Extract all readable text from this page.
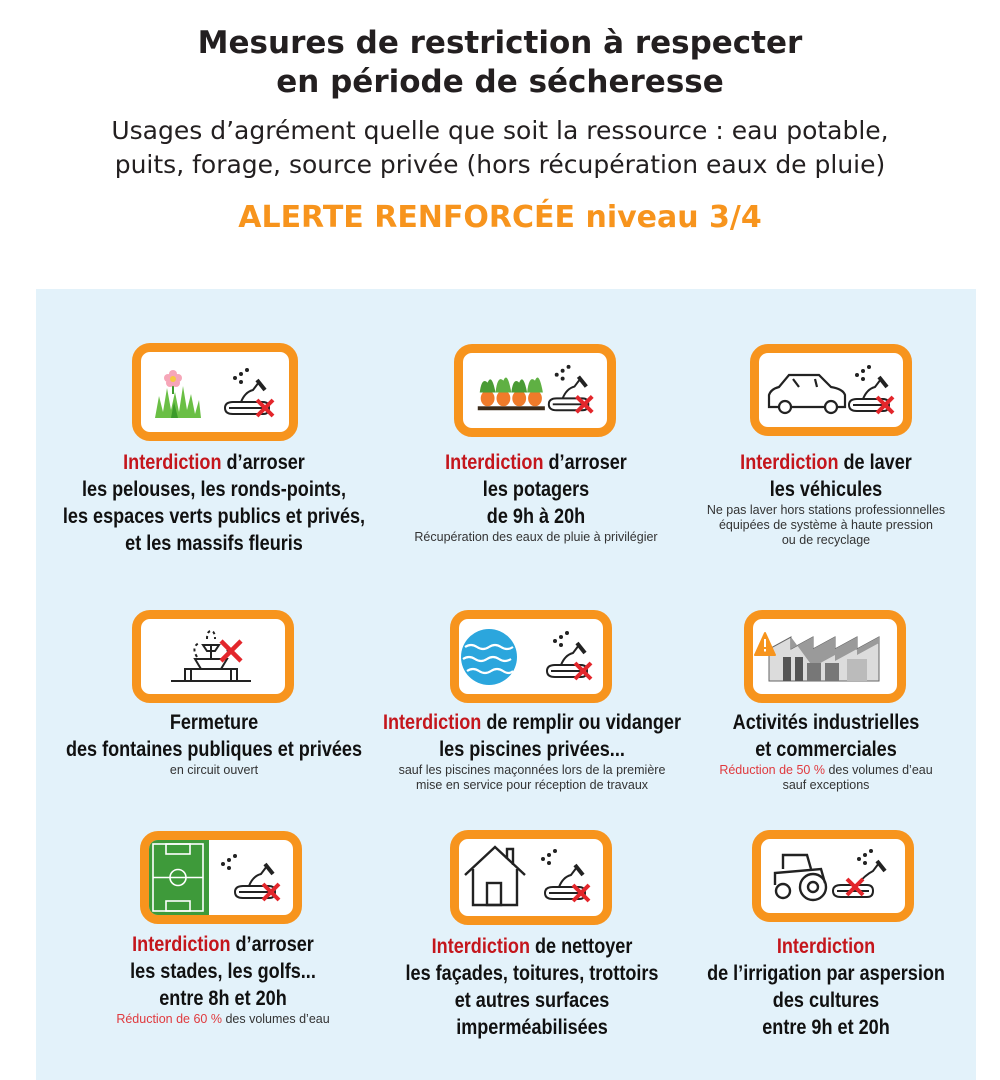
Mesures de restriction à respecter
en période de sécheresse
Usages d’agrément quelle que soit la ressource : eau potable,
puits, forage, source privée (hors récupération eaux de pluie)
ALERTE RENFORCÉE niveau 3/4
Interdiction d’arroser
les pelouses, les ronds-points,
les espaces verts publics et privés,
et les massifs fleuris
Interdiction d’arroser
les potagers
de 9h à 20h
Récupération des eaux de pluie à privilégier
Interdiction de laver
les véhicules
Ne pas laver hors stations professionnelles
équipées de système à haute pression
ou de recyclage
Fermeture
des fontaines publiques et privées
en circuit ouvert
Interdiction de remplir ou vidanger
les piscines privées...
sauf les piscines maçonnées lors de la première
mise en service pour réception de travaux
Activités industrielles
et commerciales
Réduction de 50 % des volumes d’eau
sauf exceptions
Interdiction d’arroser
les stades, les golfs...
entre 8h et 20h
Réduction de 60 % des volumes d’eau
Interdiction de nettoyer
les façades, toitures, trottoirs
et autres surfaces imperméabilisées
Interdiction
de l’irrigation par aspersion
des cultures
entre 9h et 20h
